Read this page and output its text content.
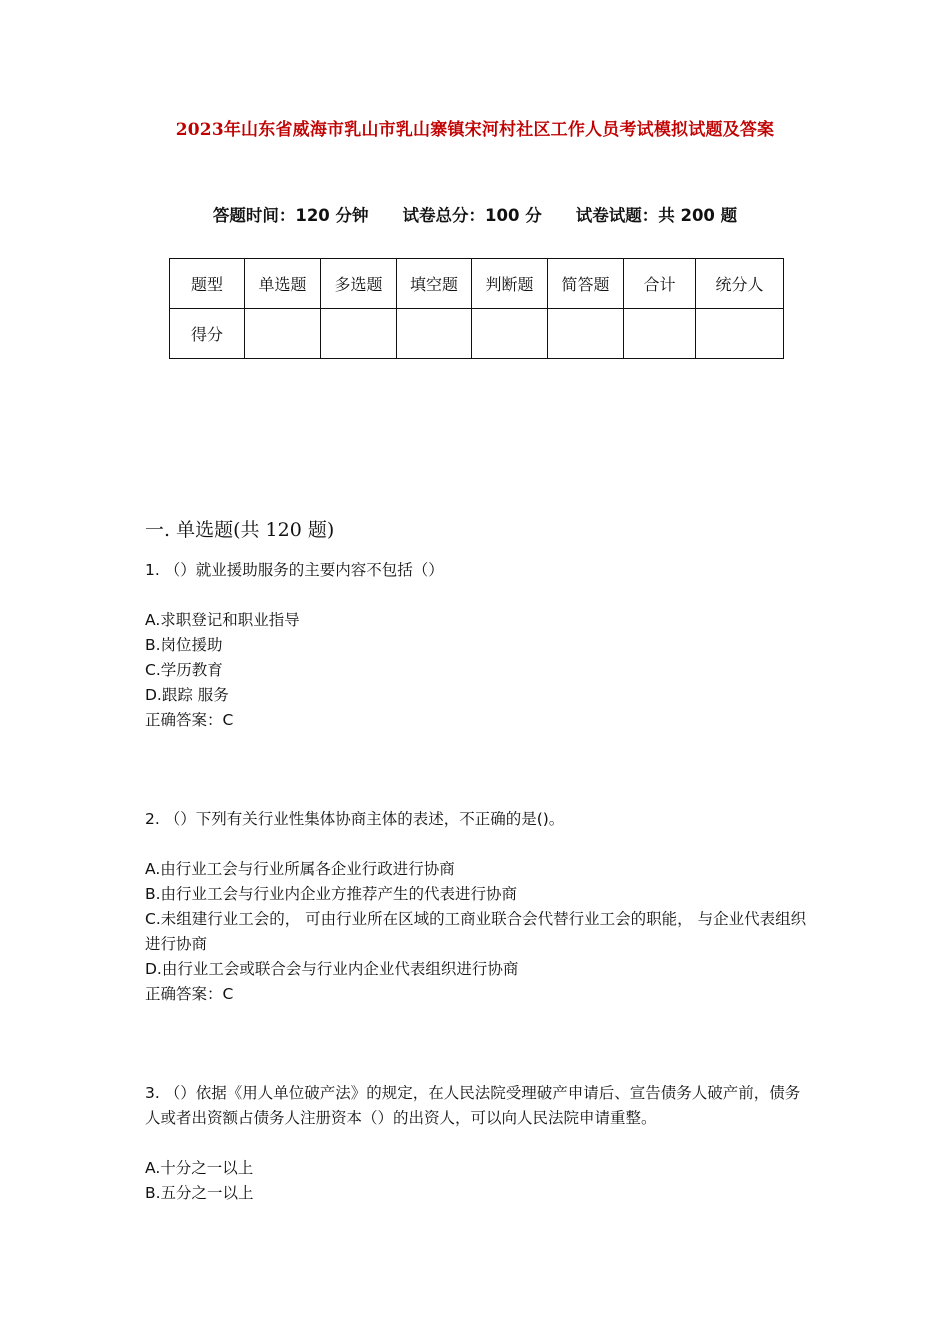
2023年山东省威海市乳山市乳山寨镇宋河村社区工作人员考试模拟试题及答案
答题时间：120 分钟 试卷总分：100 分 试卷试题：共 200 题
题型	单选题	多选题	填空题	判断题	简答题	合计	统分人
得分							
一. 单选题(共 120 题)

1. （）就业援助服务的主要内容不包括（）

A.求职登记和职业指导

B.岗位援助

C.学历教育

D.跟踪 服务

正确答案：C

2. （）下列有关行业性集体协商主体的表述，不正确的是()。

A.由行业工会与行业所属各企业行政进行协商

B.由行业工会与行业内企业方推荐产生的代表进行协商

C.未组建行业工会的， 可由行业所在区域的工商业联合会代替行业工会的职能， 与企业代表组织进行协商

D.由行业工会或联合会与行业内企业代表组织进行协商

正确答案：C

3. （）依据《用人单位破产法》的规定，在人民法院受理破产申请后、宣告债务人破产前，债务人或者出资额占债务人注册资本（）的出资人，可以向人民法院申请重整。

A.十分之一以上

B.五分之一以上
